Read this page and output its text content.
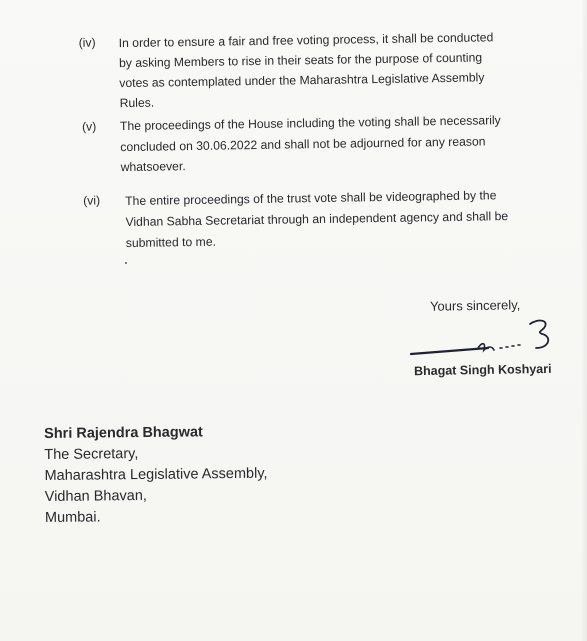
(iv) In order to ensure a fair and free voting process, it shall be conducted
by asking Members to rise in their seats for the purpose of counting
votes as contemplated under the Maharashtra Legislative Assembly
Rules.
(v) The proceedings of the House including the voting shall be necessarily
concluded on 30.06.2022 and shall not be adjourned for any reason
whatsoever.
(vi) The entire proceedings of the trust vote shall be videographed by the
Vidhan Sabha Secretariat through an independent agency and shall be
submitted to me.
Yours sincerely,
Bhagat Singh Koshyari
Shri Rajendra Bhagwat
The Secretary,
Maharashtra Legislative Assembly,
Vidhan Bhavan,
Mumbai.
